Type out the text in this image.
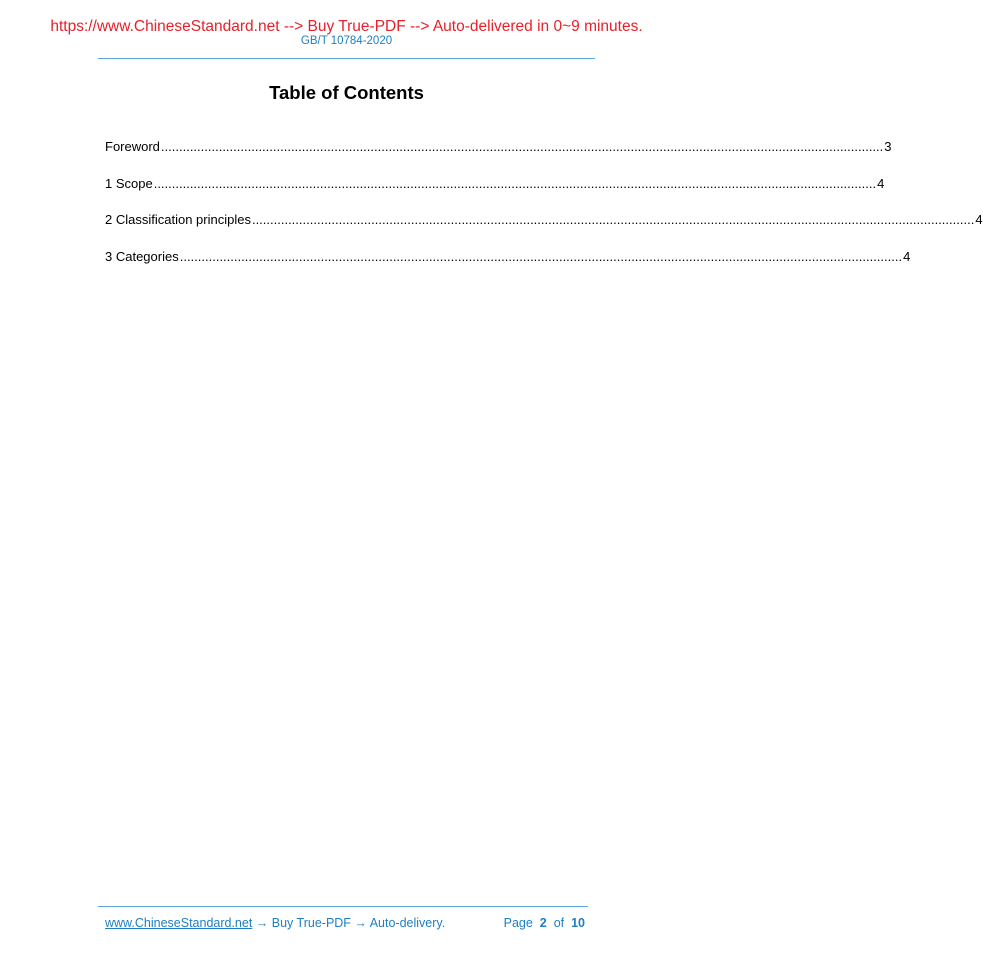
https://www.ChineseStandard.net --> Buy True-PDF --> Auto-delivered in 0~9 minutes.
GB/T 10784-2020
Table of Contents
Foreword ........................................................................................................................................................................................................ 3
1 Scope ........................................................................................................................................................................................................ 4
2 Classification principles ........................................................................................................................................................................................................ 4
3 Categories ........................................................................................................................................................................................................ 4
www.ChineseStandard.net → Buy True-PDF → Auto-delivery.	Page 2 of 10
